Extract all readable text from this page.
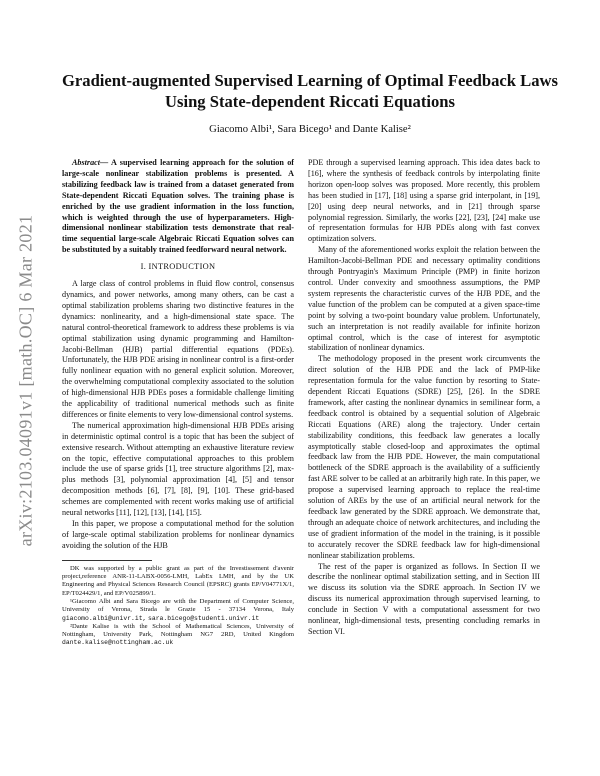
arXiv:2103.04091v1 [math.OC] 6 Mar 2021
Gradient-augmented Supervised Learning of Optimal Feedback Laws Using State-dependent Riccati Equations
Giacomo Albi¹, Sara Bicego¹ and Dante Kalise²

Abstract— A supervised learning approach for the solution of large-scale nonlinear stabilization problems is presented. A stabilizing feedback law is trained from a dataset generated from State-dependent Riccati Equation solves. The training phase is enriched by the use gradient information in the loss function, which is weighted through the use of hyperparameters. High-dimensional nonlinear stabilization tests demonstrate that real-time sequential large-scale Algebraic Riccati Equation solves can be substituted by a suitably trained feedforward neural network.

I. INTRODUCTION

A large class of control problems in fluid flow control, consensus dynamics, and power networks, among many others, can be cast a optimal stabilization problems sharing two distinctive features in the dynamics: nonlinearity, and a high-dimensional state space. The natural control-theoretical framework to address these problems is via optimal stabilization using dynamic programming and Hamilton-Jacobi-Bellman (HJB) partial differential equations (PDEs). Unfortunately, the HJB PDE arising in nonlinear control is a first-order fully nonlinear equation with no general explicit solution. Moreover, the overwhelming computational complexity associated to the solution of high-dimensional HJB PDEs poses a formidable challenge limiting the applicability of traditional numerical methods such as finite differences or finite elements to very low-dimensional control systems.

The numerical approximation high-dimensional HJB PDEs arising in deterministic optimal control is a topic that has been the subject of extensive research. Without attempting an exhaustive literature review on the topic, effective computational approaches to this problem include the use of sparse grids [1], tree structure algorithms [2], max-plus methods [3], polynomial approximation [4], [5] and tensor decomposition methods [6], [7], [8], [9], [10]. These grid-based schemes are complemented with recent works making use of artificial neural networks [11], [12], [13], [14], [15].

In this paper, we propose a computational method for the solution of large-scale optimal stabilization problems for nonlinear dynamics avoiding the solution of the HJB

DK was supported by a public grant as part of the Investissement d'avenir project,reference ANR-11-LABX-0056-LMH, LabEx LMH, and by the UK Engineering and Physical Sciences Research Council (EPSRC) grants EP/V04771X/1, EP/T024429/1, and EP/V025899/1.

¹Giacomo Albi and Sara Bicego are with the Department of Computer Science, University of Verona, Strada le Grazie 15 - 37134 Verona, Italy giacomo.albi@univr.it, sara.bicego@studenti.univr.it

²Dante Kalise is with the School of Mathematical Sciences, University of Nottingham, University Park, Nottingham NG7 2RD, United Kingdom dante.kalise@nottingham.ac.uk

PDE through a supervised learning approach. This idea dates back to [16], where the synthesis of feedback controls by interpolating finite horizon open-loop solves was proposed. More recently, this problem has been studied in [17], [18] using a sparse grid interpolant, in [19], [20] using deep neural networks, and in [21] through sparse polynomial regression. Similarly, the works [22], [23], [24] make use of representation formulas for HJB PDEs along with fast convex optimization solvers.

Many of the aforementioned works exploit the relation between the Hamilton-Jacobi-Bellman PDE and necessary optimality conditions through Pontryagin's Maximum Principle (PMP) in finite horizon control. Under convexity and smoothness assumptions, the PMP system represents the characteristic curves of the HJB PDE, and the value function of the problem can be computed at a given space-time point by solving a two-point boundary value problem. Unfortunately, such an interpretation is not readily available for infinite horizon optimal control, which is the case of interest for asymptotic stabilization of nonlinear dynamics.

The methodology proposed in the present work circumvents the direct solution of the HJB PDE and the lack of PMP-like representation formula for the value function by resorting to State-dependent Riccati Equations (SDRE) [25], [26]. In the SDRE framework, after casting the nonlinear dynamics in semilinear form, a feedback control is obtained by a sequential solution of Algebraic Riccati Equations (ARE) along the trajectory. Under certain stabilizability conditions, this feedback law generates a locally asymptotically stable closed-loop and approximates the optimal feedback law from the HJB PDE. However, the main computational bottleneck of the SDRE approach is the availability of a sufficiently fast ARE solver to be called at an arbitrarily high rate. In this paper, we propose a supervised learning approach to replace the real-time solution of AREs by the use of an artificial neural network for the feedback law generated by the SDRE approach. We demonstrate that, through an adequate choice of network architectures, and including the use of gradient information of the model in the training, is it possible to accurately recover the SDRE feedback law for high-dimensional nonlinear stabilization problems.

The rest of the paper is organized as follows. In Section II we describe the nonlinear optimal stabilization setting, and in Section III we discuss its solution via the SDRE approach. In Section IV we discuss its numerical approximation through supervised learning, to conclude in Section V with a computational assessment for two nonlinear, high-dimensional tests, presenting concluding remarks in Section VI.
